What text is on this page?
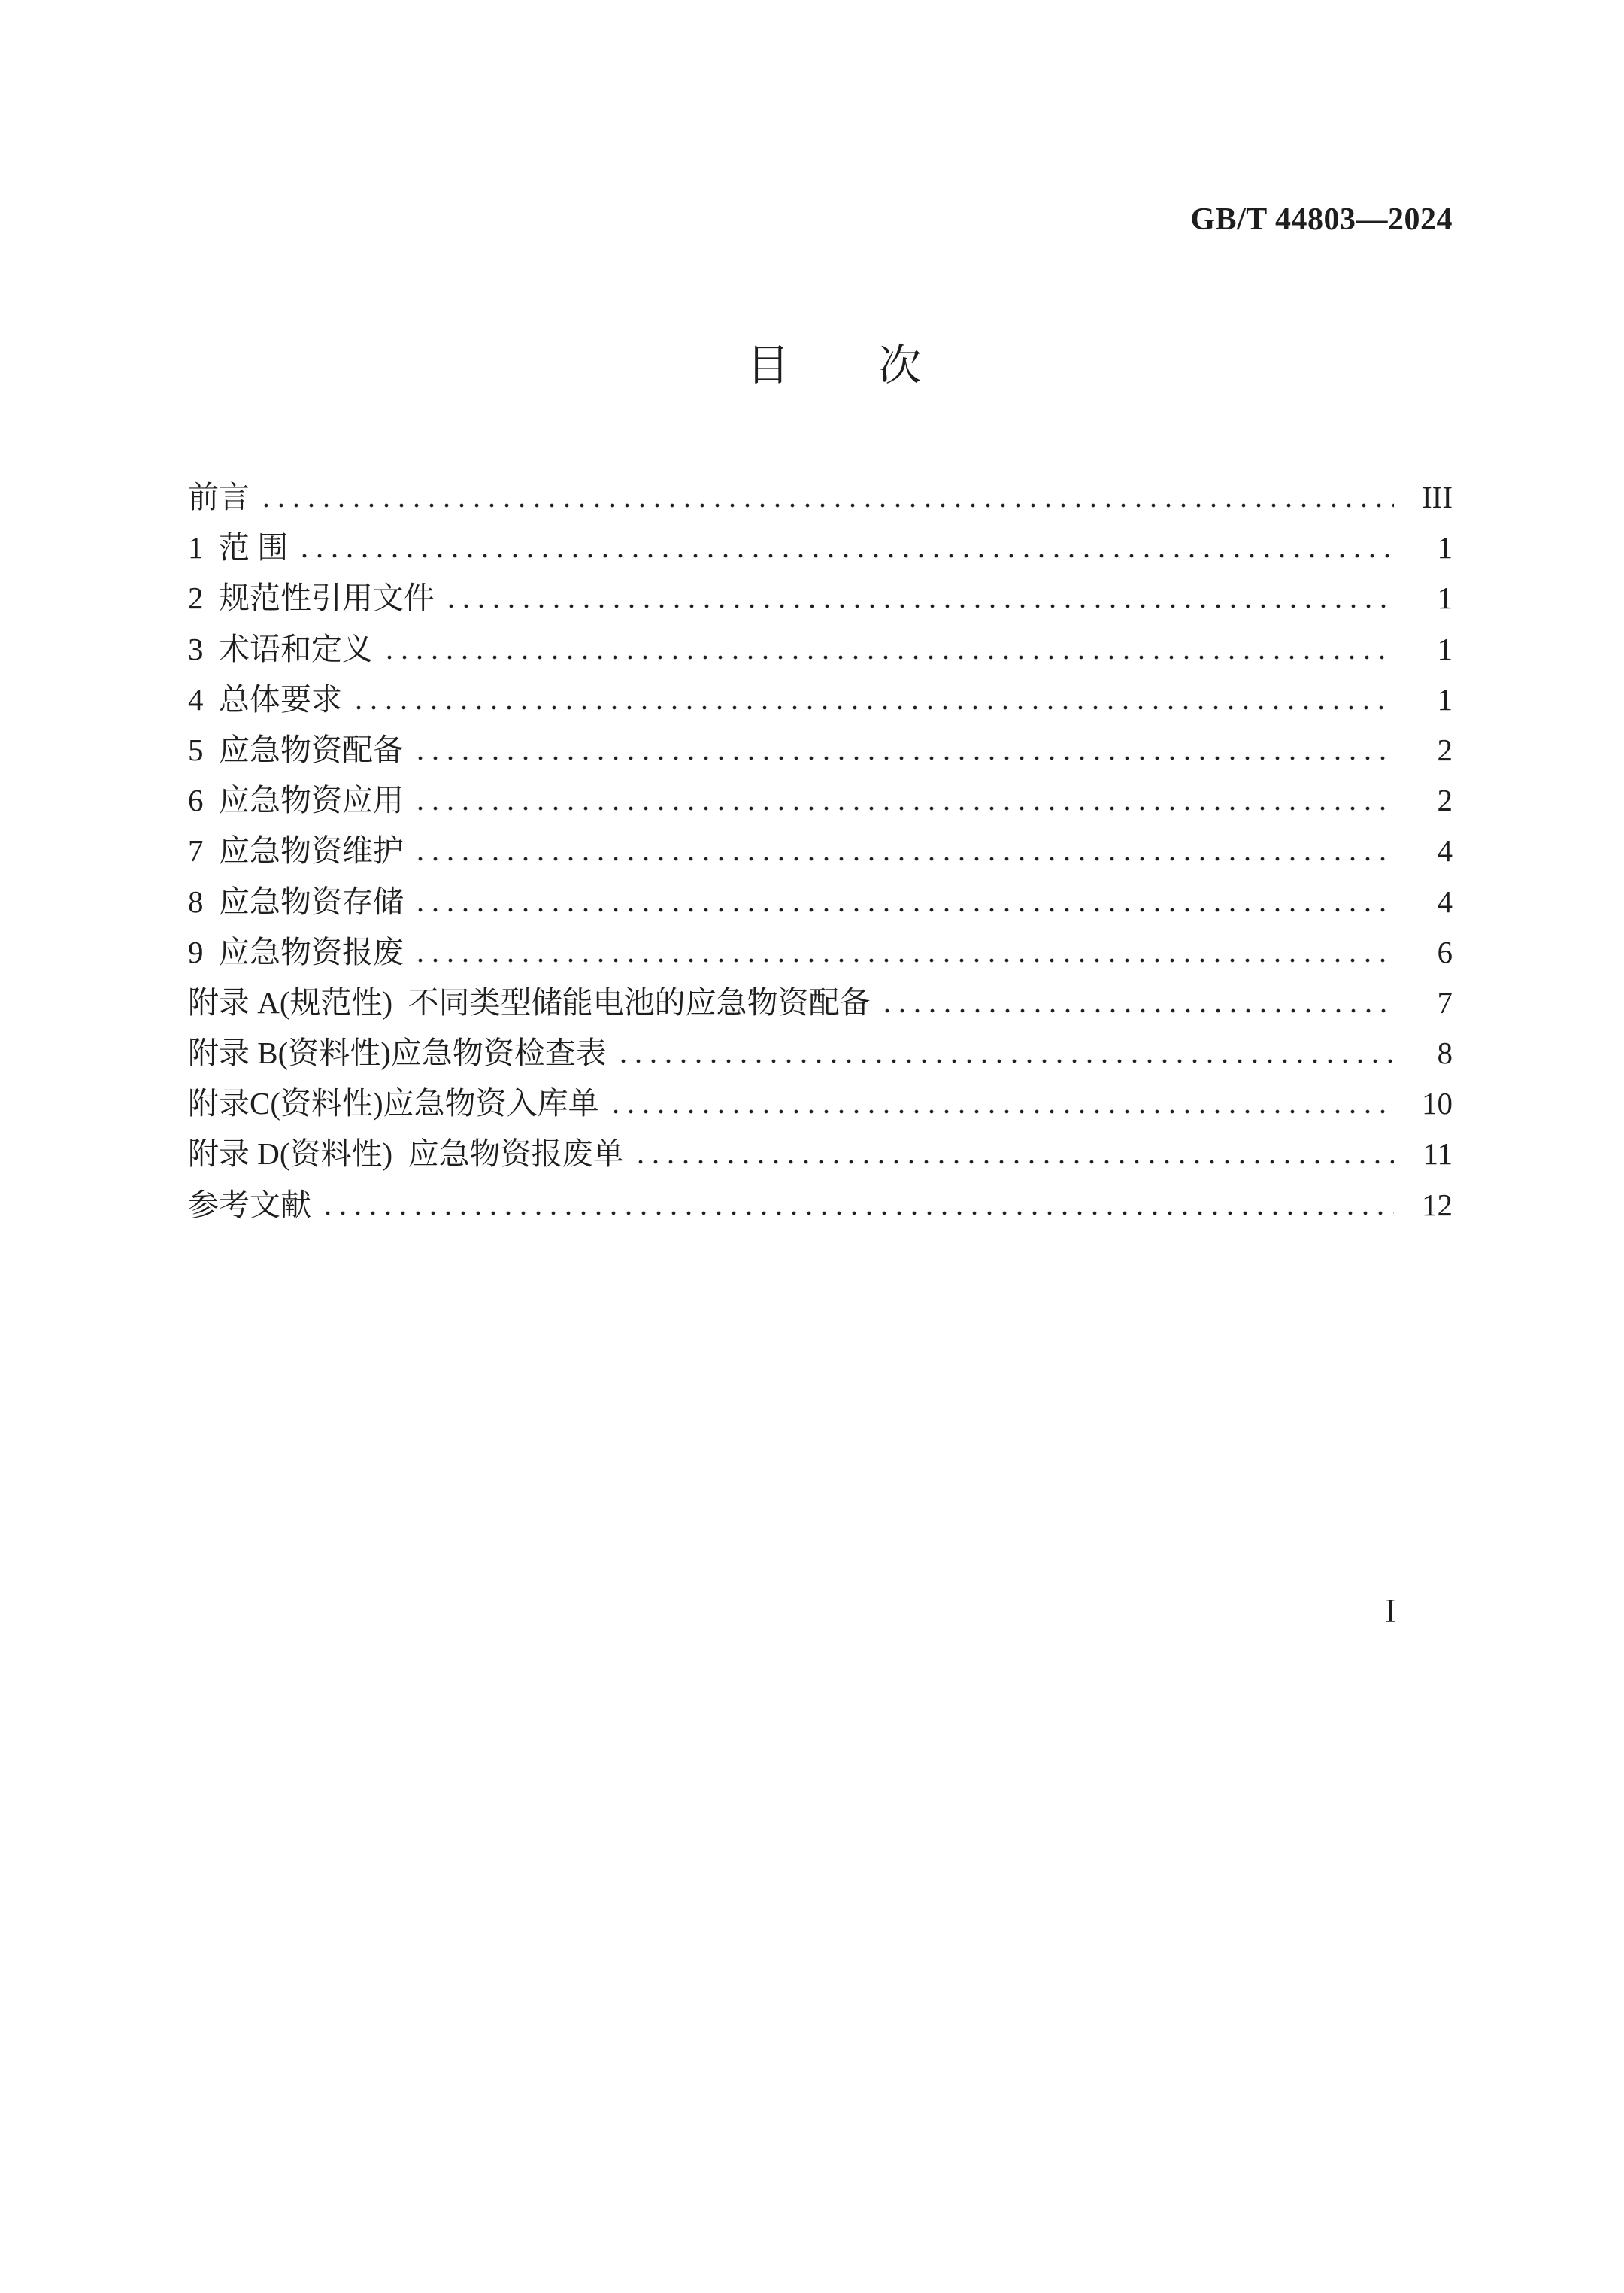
GB/T 44803—2024
目 次
前言	III
1  范 围	1
2  规范性引用文件	1
3  术语和定义	1
4  总体要求	1
5  应急物资配备	2
6  应急物资应用	2
7  应急物资维护	4
8  应急物资存储	4
9  应急物资报废	6
附录 A(规范性)  不同类型储能电池的应急物资配备	7
附录 B(资料性)应急物资检查表	8
附录C(资料性)应急物资入库单	10
附录 D(资料性)  应急物资报废单	11
参考文献	12
I
